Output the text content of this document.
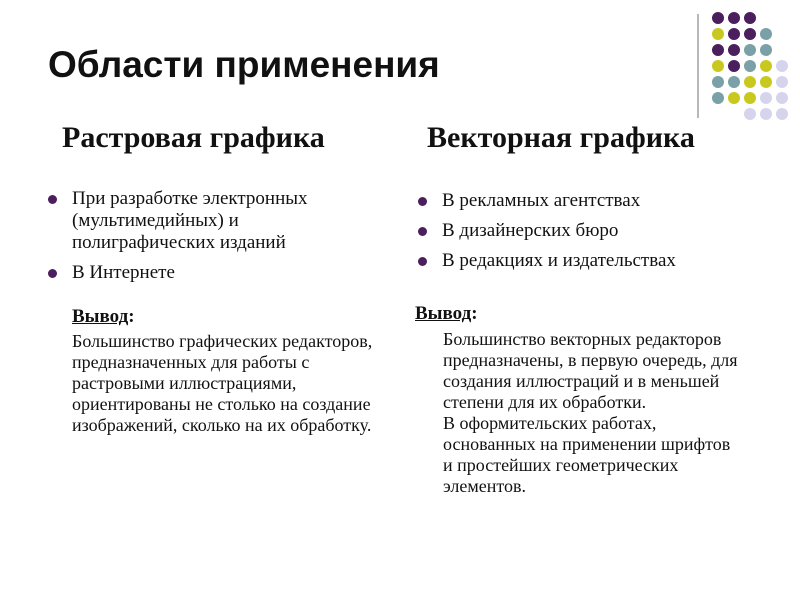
Области применения
Растровая графика
При разработке электронных (мультимедийных) и полиграфических изданий
В Интернете
Вывод:

Большинство графических редакторов, предназначенных для работы с растровыми иллюстрациями, ориентированы не столько на создание изображений, сколько на их обработку.

Векторная графика
В рекламных агентствах
В дизайнерских бюро
В редакциях и издательствах
Вывод:

Большинство векторных редакторов предназначены, в первую очередь, для создания иллюстраций и в меньшей степени для их обработки.

В оформительских работах, основанных на применении шрифтов и простейших геометрических элементов.
